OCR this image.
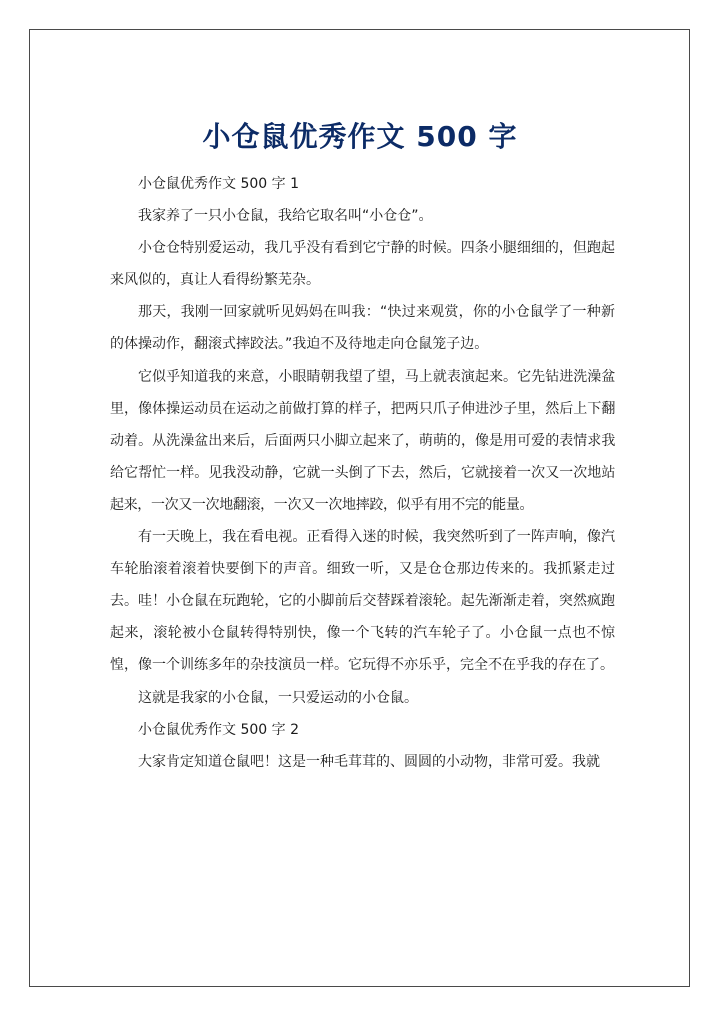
小仓鼠优秀作文 500 字

小仓鼠优秀作文 500 字 1

我家养了一只小仓鼠，我给它取名叫“小仓仓”。

小仓仓特别爱运动，我几乎没有看到它宁静的时候。四条小腿细细的，但跑起来风似的，真让人看得纷繁芜杂。

那天，我刚一回家就听见妈妈在叫我：“快过来观赏，你的小仓鼠学了一种新的体操动作，翻滚式摔跤法。”我迫不及待地走向仓鼠笼子边。

它似乎知道我的来意，小眼睛朝我望了望，马上就表演起来。它先钻进洗澡盆里，像体操运动员在运动之前做打算的样子，把两只爪子伸进沙子里，然后上下翻动着。从洗澡盆出来后，后面两只小脚立起来了，萌萌的，像是用可爱的表情求我给它帮忙一样。见我没动静，它就一头倒了下去，然后，它就接着一次又一次地站起来，一次又一次地翻滚，一次又一次地摔跤，似乎有用不完的能量。

有一天晚上，我在看电视。正看得入迷的时候，我突然听到了一阵声响，像汽车轮胎滚着滚着快要倒下的声音。细致一听，又是仓仓那边传来的。我抓紧走过去。哇！小仓鼠在玩跑轮，它的小脚前后交替踩着滚轮。起先渐渐走着，突然疯跑起来，滚轮被小仓鼠转得特别快，像一个飞转的汽车轮子了。小仓鼠一点也不惊惶，像一个训练多年的杂技演员一样。它玩得不亦乐乎，完全不在乎我的存在了。

这就是我家的小仓鼠，一只爱运动的小仓鼠。

小仓鼠优秀作文 500 字 2

大家肯定知道仓鼠吧！这是一种毛茸茸的、圆圆的小动物，非常可爱。我就
